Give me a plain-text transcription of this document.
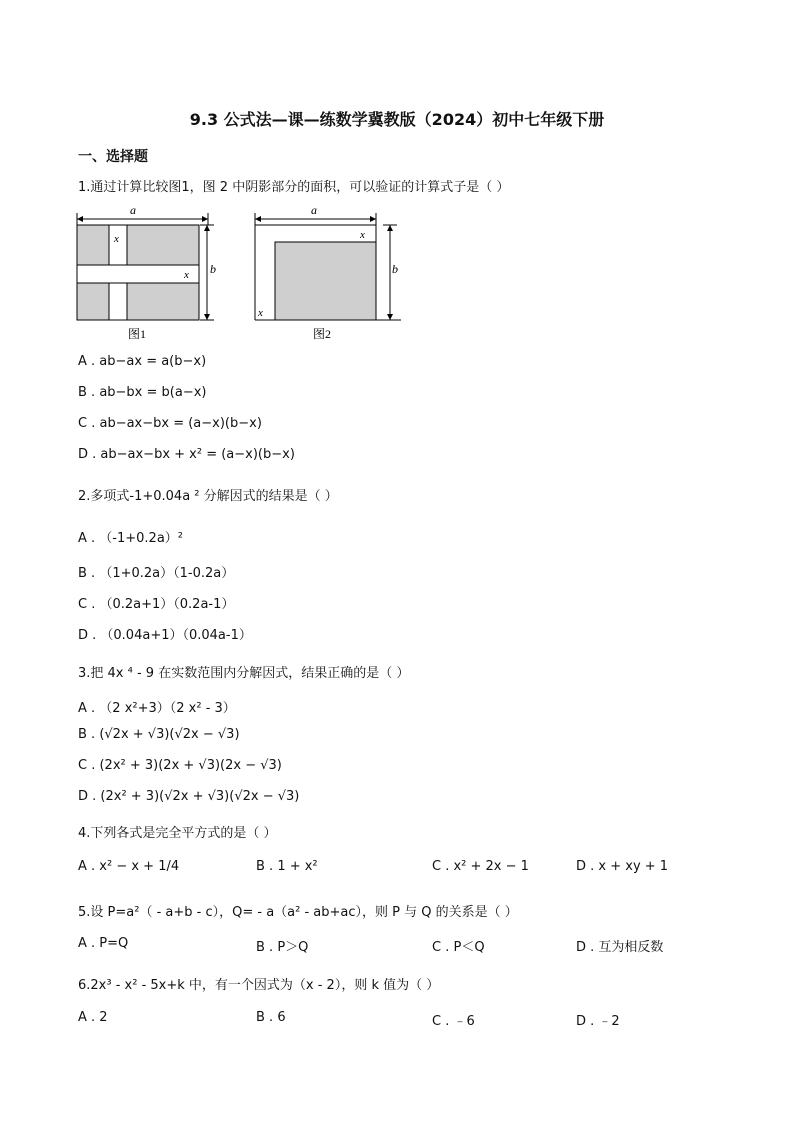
9.3 公式法—课—练数学冀教版（2024）初中七年级下册
一、选择题
1.通过计算比较图1，图 2 中阴影部分的面积，可以验证的计算式子是（ ）
a
x
x b
图1
a
x
x
b
图2
A . ab−ax = a(b−x)
B . ab−bx = b(a−x)
C . ab−ax−bx = (a−x)(b−x)
D . ab−ax−bx + x² = (a−x)(b−x)
2.多项式-1+0.04a ² 分解因式的结果是（ ）
A . （-1+0.2a）²
B . （1+0.2a）（1-0.2a）
C . （0.2a+1）（0.2a-1）
D . （0.04a+1）（0.04a-1）
3.把 4x ⁴ - 9 在实数范围内分解因式，结果正确的是（ ）
A . （2 x²+3）（2 x² - 3）
B . (√2x + √3)(√2x − √3)
C . (2x² + 3)(2x + √3)(2x − √3)
D . (2x² + 3)(√2x + √3)(√2x − √3)
4.下列各式是完全平方式的是（ ）
A . x² − x + 1/4	B . 1 + x²	C . x² + 2x − 1	D . x + xy + 1
5.设 P=a²（ - a+b - c），Q= - a（a² - ab+ac），则 P 与 Q 的关系是（ ）
A . P=Q	B . P＞Q	C . P＜Q	D . 互为相反数
6.2x³ - x² - 5x+k 中，有一个因式为（x - 2），则 k 值为（ ）
A . 2	B . 6	C . ﹣6	D . ﹣2
